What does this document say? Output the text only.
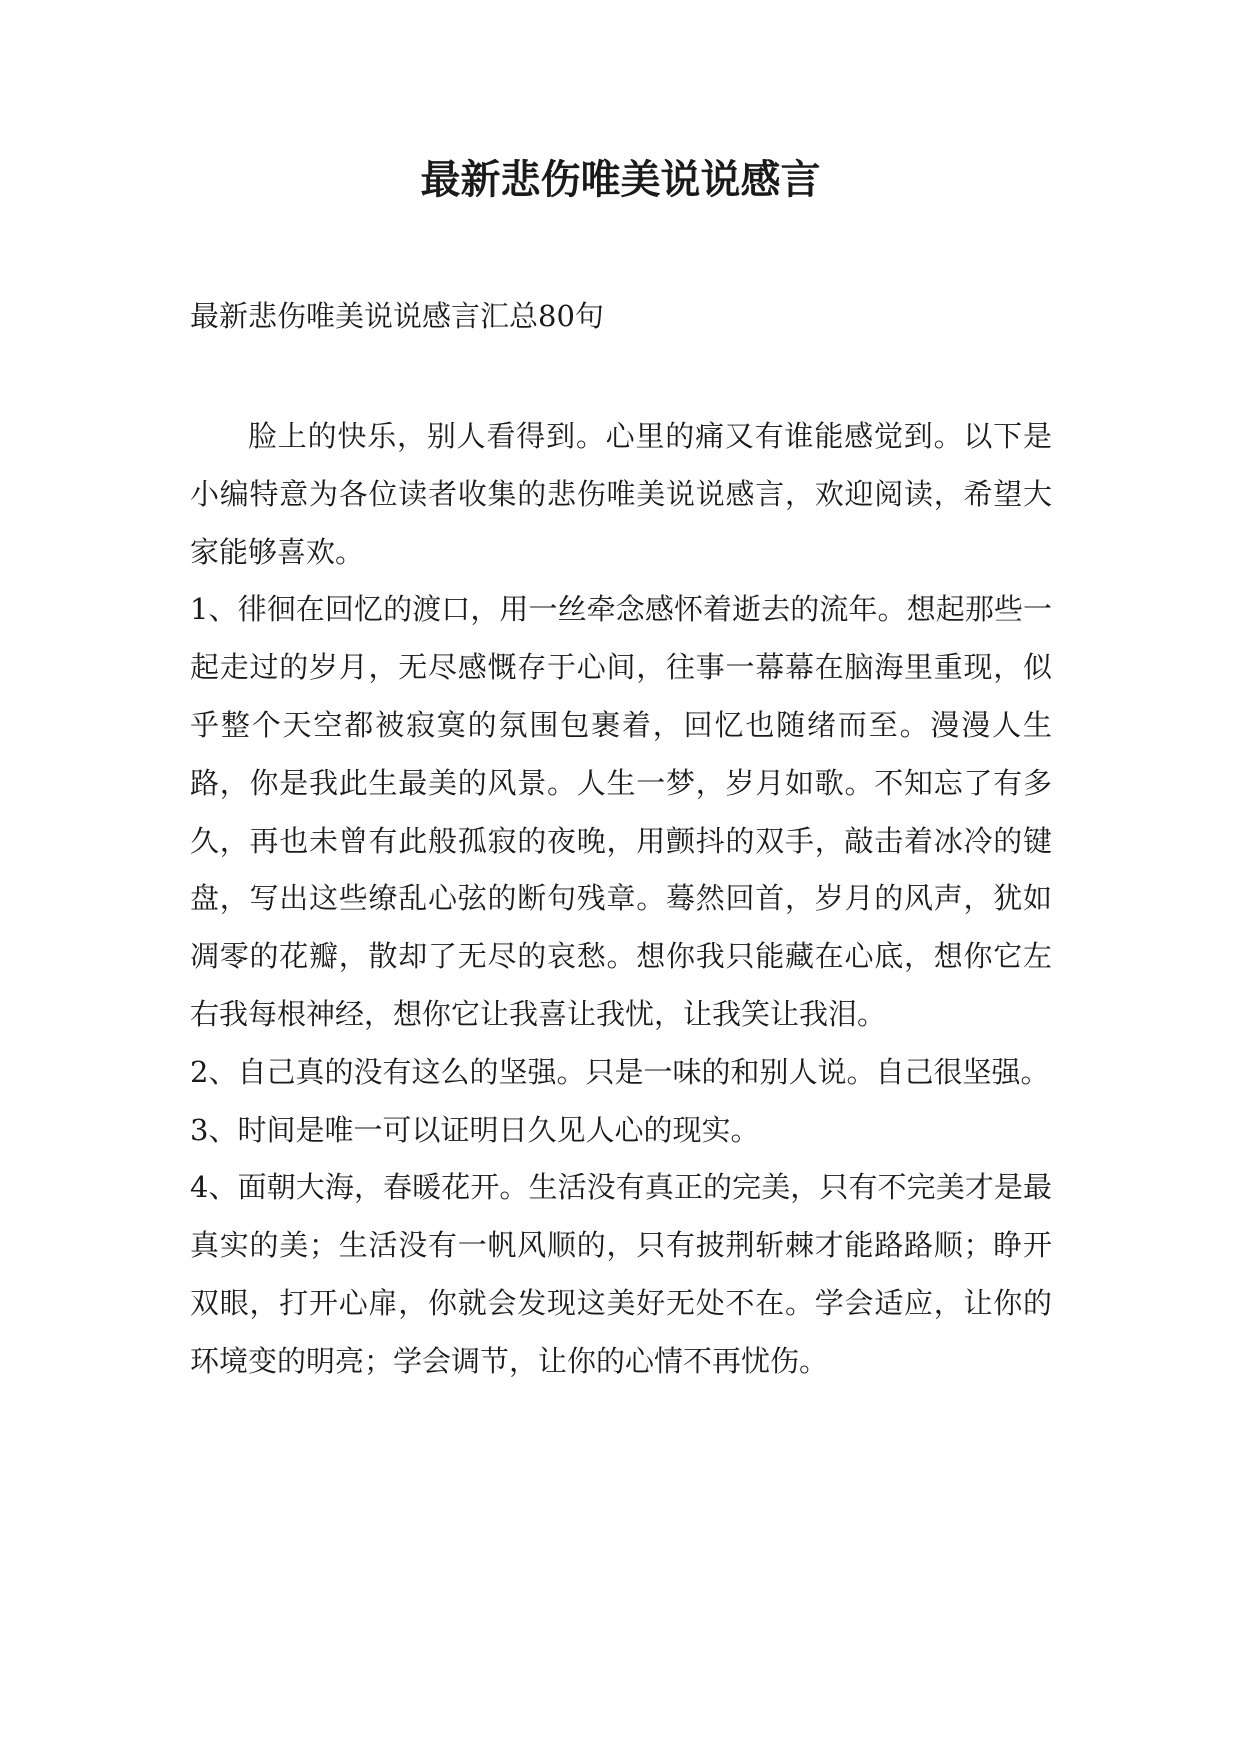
最新悲伤唯美说说感言

最新悲伤唯美说说感言汇总80句

脸上的快乐，别人看得到。心里的痛又有谁能感觉到。以下是小编特意为各位读者收集的悲伤唯美说说感言，欢迎阅读，希望大家能够喜欢。

1、徘徊在回忆的渡口，用一丝牵念感怀着逝去的流年。想起那些一起走过的岁月，无尽感慨存于心间，往事一幕幕在脑海里重现，似乎整个天空都被寂寞的氛围包裹着，回忆也随绪而至。漫漫人生路，你是我此生最美的风景。人生一梦，岁月如歌。不知忘了有多久，再也未曾有此般孤寂的夜晚，用颤抖的双手，敲击着冰冷的键盘，写出这些缭乱心弦的断句残章。蓦然回首，岁月的风声，犹如凋零的花瓣，散却了无尽的哀愁。想你我只能藏在心底，想你它左右我每根神经，想你它让我喜让我忧，让我笑让我泪。

2、自己真的没有这么的坚强。只是一味的和别人说。自己很坚强。

3、时间是唯一可以证明日久见人心的现实。

4、面朝大海，春暖花开。生活没有真正的完美，只有不完美才是最真实的美；生活没有一帆风顺的，只有披荆斩棘才能路路顺；睁开双眼，打开心扉，你就会发现这美好无处不在。学会适应，让你的环境变的明亮；学会调节，让你的心情不再忧伤。
